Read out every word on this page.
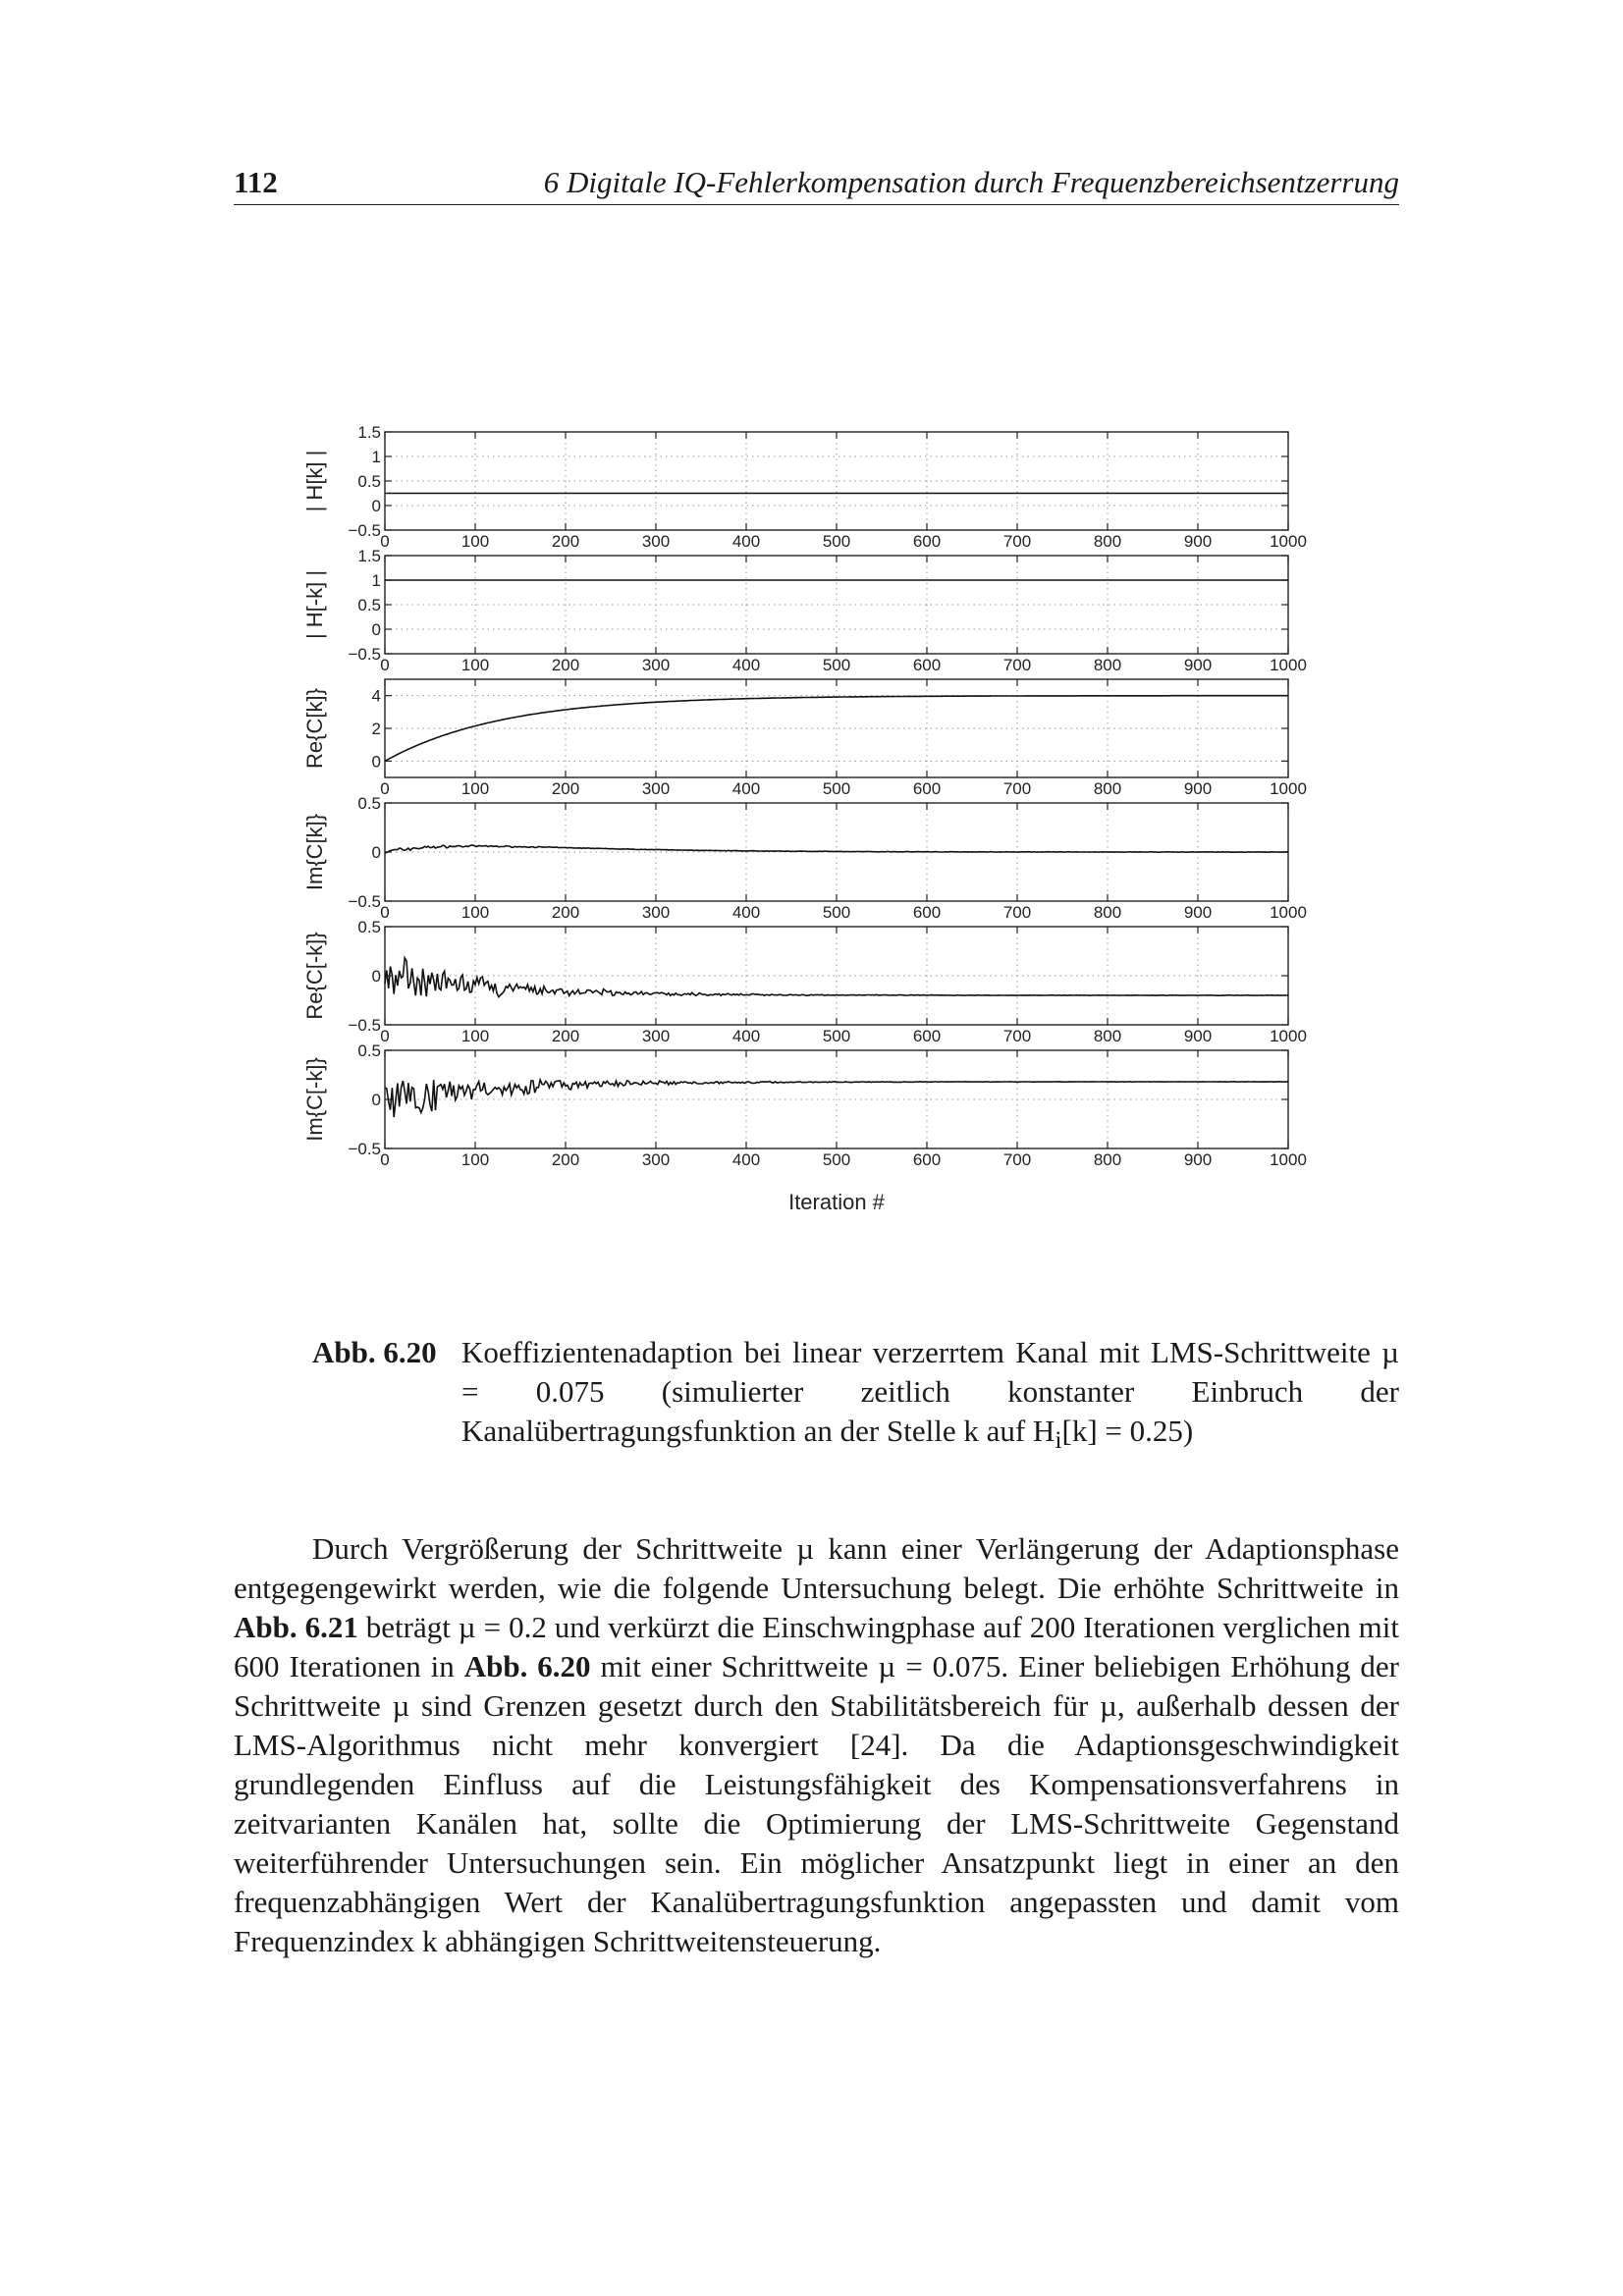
112	6 Digitale IQ-Fehlerkompensation durch Frequenzbereichsentzerrung
0	100	200	300	400	500	600	700	800	900	1000
−0.5
0
0.5
1
1.5
| H[k] |
0	100	200	300	400	500	600	700	800	900	1000
−0.5
0
0.5
1
1.5
| H[-k] |
0	100	200	300	400	500	600	700	800	900	1000
0
2
4
Re{C[k]}
0	100	200	300	400	500	600	700	800	900	1000
−0.5
0
0.5
Im{C[k]}
0	100	200	300	400	500	600	700	800	900	1000
−0.5
0
0.5
Re{C[-k]}
0	100	200	300	400	500	600	700	800	900	1000
−0.5
0
0.5
Im{C[-k]}
Iteration #
Abb. 6.20 Koeffizientenadaption bei linear verzerrtem Kanal mit LMS-Schrittweite µ = 0.075 (simulierter zeitlich konstanter Einbruch der Kanalübertragungsfunktion an der Stelle k auf $H_i[k] = 0.25$)

Durch Vergrößerung der Schrittweite µ kann einer Verlängerung der Adaptionsphase entgegengewirkt werden, wie die folgende Untersuchung belegt. Die erhöhte Schrittweite in Abb. 6.21 beträgt µ = 0.2 und verkürzt die Einschwingphase auf 200 Iterationen verglichen mit 600 Iterationen in Abb. 6.20 mit einer Schrittweite µ = 0.075. Einer beliebigen Erhöhung der Schrittweite µ sind Grenzen gesetzt durch den Stabilitätsbereich für µ, außerhalb dessen der LMS-Algorithmus nicht mehr konvergiert [24]. Da die Adaptionsgeschwindigkeit grundlegenden Einfluss auf die Leistungsfähigkeit des Kompensationsverfahrens in zeitvarianten Kanälen hat, sollte die Optimierung der LMS-Schrittweite Gegenstand weiterführender Untersuchungen sein. Ein möglicher Ansatzpunkt liegt in einer an den frequenzabhängigen Wert der Kanalübertragungsfunktion angepassten und damit vom Frequenzindex k abhängigen Schrittweitensteuerung.
